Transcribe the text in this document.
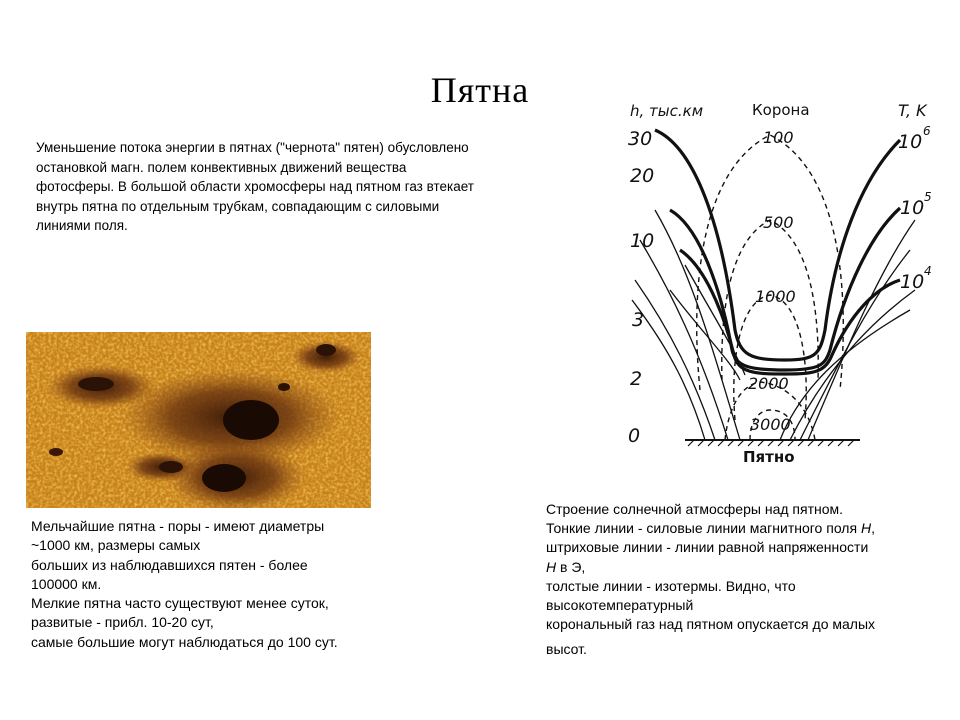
Пятна
Уменьшение потока энергии в пятнах ("чернота" пятен) обусловлено
остановкой магн. полем конвективных движений вещества
фотосферы. В большой области хромосферы над пятном газ втекает
внутрь пятна по отдельным трубкам, совпадающим с силовыми
линиями поля.
Мельчайшие пятна - поры - имеют диаметры
~1000 км, размеры самых
больших из наблюдавшихся пятен - более
100000 км.
Мелкие пятна часто существуют менее суток,
развитые - прибл. 10-20 сут,
самые большие могут наблюдаться до 100 сут.
h, тыс.км	Корона	T, K
30
20
10
3
2
0
10 6
10 5
10 4
100
500
1000
2000
3000
Пятно
Строение солнечной атмосферы над пятном.
Тонкие линии - силовые линии магнитного поля H,
штриховые линии - линии равной напряженности
H в Э,
толстые линии - изотермы. Видно, что
высокотемпературный
корональный газ над пятном опускается до малых
высот.
